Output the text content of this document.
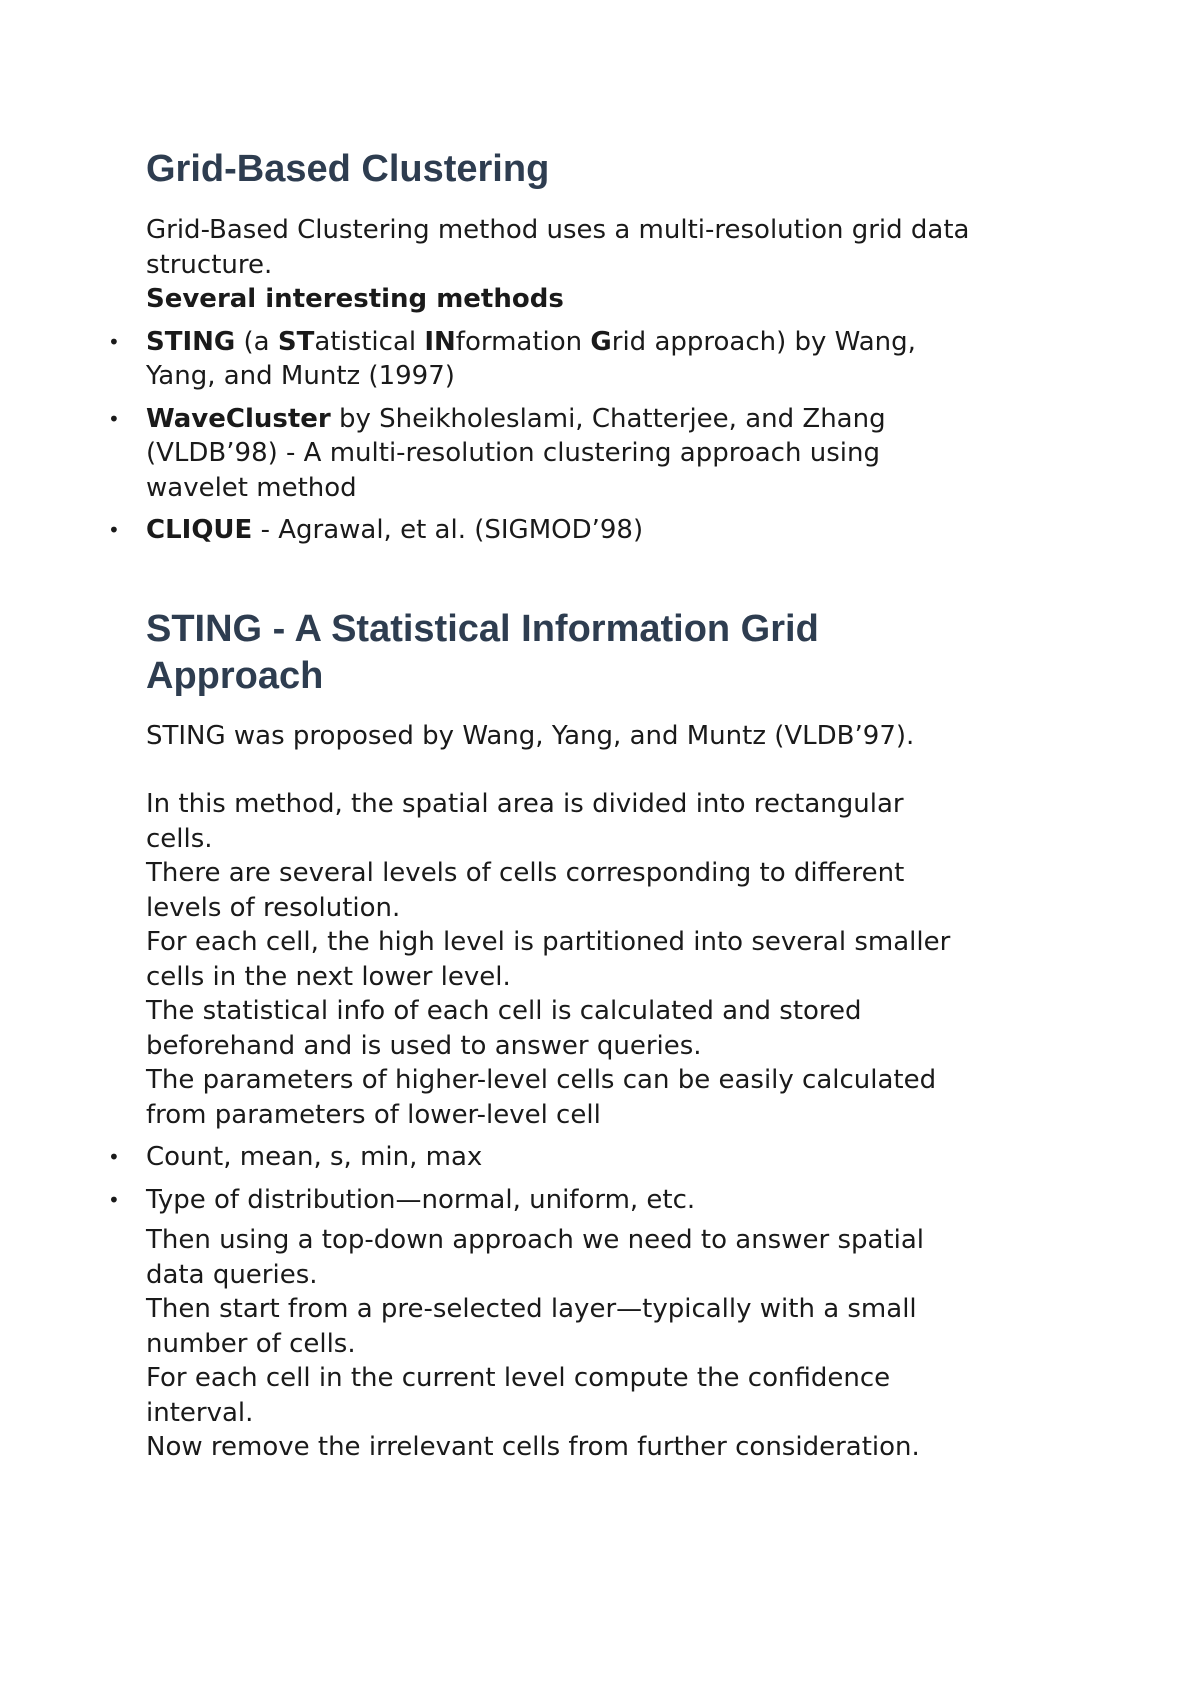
Grid-Based Clustering

Grid-Based Clustering method uses a multi-resolution grid data

structure.

Several interesting methods

• STING (a STatistical INformation Grid approach) by Wang,
Yang, and Muntz (1997)
• WaveCluster by Sheikholeslami, Chatterjee, and Zhang
(VLDB’98) - A multi-resolution clustering approach using
wavelet method
• CLIQUE - Agrawal, et al. (SIGMOD’98)
STING - A Statistical Information Grid
Approach

STING was proposed by Wang, Yang, and Muntz (VLDB’97).

In this method, the spatial area is divided into rectangular

cells.

There are several levels of cells corresponding to different

levels of resolution.

For each cell, the high level is partitioned into several smaller

cells in the next lower level.

The statistical info of each cell is calculated and stored

beforehand and is used to answer queries.

The parameters of higher-level cells can be easily calculated

from parameters of lower-level cell

• Count, mean, s, min, max
• Type of distribution—normal, uniform, etc.

Then using a top-down approach we need to answer spatial

data queries.

Then start from a pre-selected layer—typically with a small

number of cells.

For each cell in the current level compute the confidence

interval.

Now remove the irrelevant cells from further consideration.
